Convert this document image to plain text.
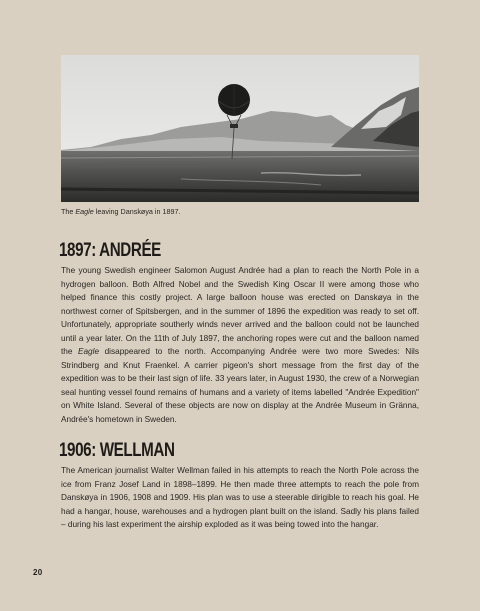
The Eagle leaving Danskøya in 1897.
1897: ANDRÉE

The young Swedish engineer Salomon August Andrée had a plan to reach the North Pole in a hydrogen balloon. Both Alfred Nobel and the Swedish King Oscar II were among those who helped finance this costly project. A large balloon house was erected on Danskøya in the northwest corner of Spitsbergen, and in the summer of 1896 the expedition was ready to set off. Unfortunately, appropriate southerly winds never arrived and the balloon could not be launched until a year later. On the 11th of July 1897, the anchoring ropes were cut and the balloon named the Eagle disappeared to the north. Accompanying Andrée were two more Swedes: Nils Strindberg and Knut Fraenkel. A carrier pigeon's short message from the first day of the expedition was to be their last sign of life. 33 years later, in August 1930, the crew of a Norwegian seal hunting vessel found remains of humans and a variety of items labelled "Andrée Expedition" on White Island. Several of these objects are now on display at the Andrée Museum in Gränna, Andrée's hometown in Sweden.

1906: WELLMAN

The American journalist Walter Wellman failed in his attempts to reach the North Pole across the ice from Franz Josef Land in 1898–1899. He then made three attempts to reach the pole from Danskøya in 1906, 1908 and 1909. His plan was to use a steerable dirigible to reach his goal. He had a hangar, house, warehouses and a hydrogen plant built on the island. Sadly his plans failed – during his last experiment the airship exploded as it was being towed into the hangar.

20
